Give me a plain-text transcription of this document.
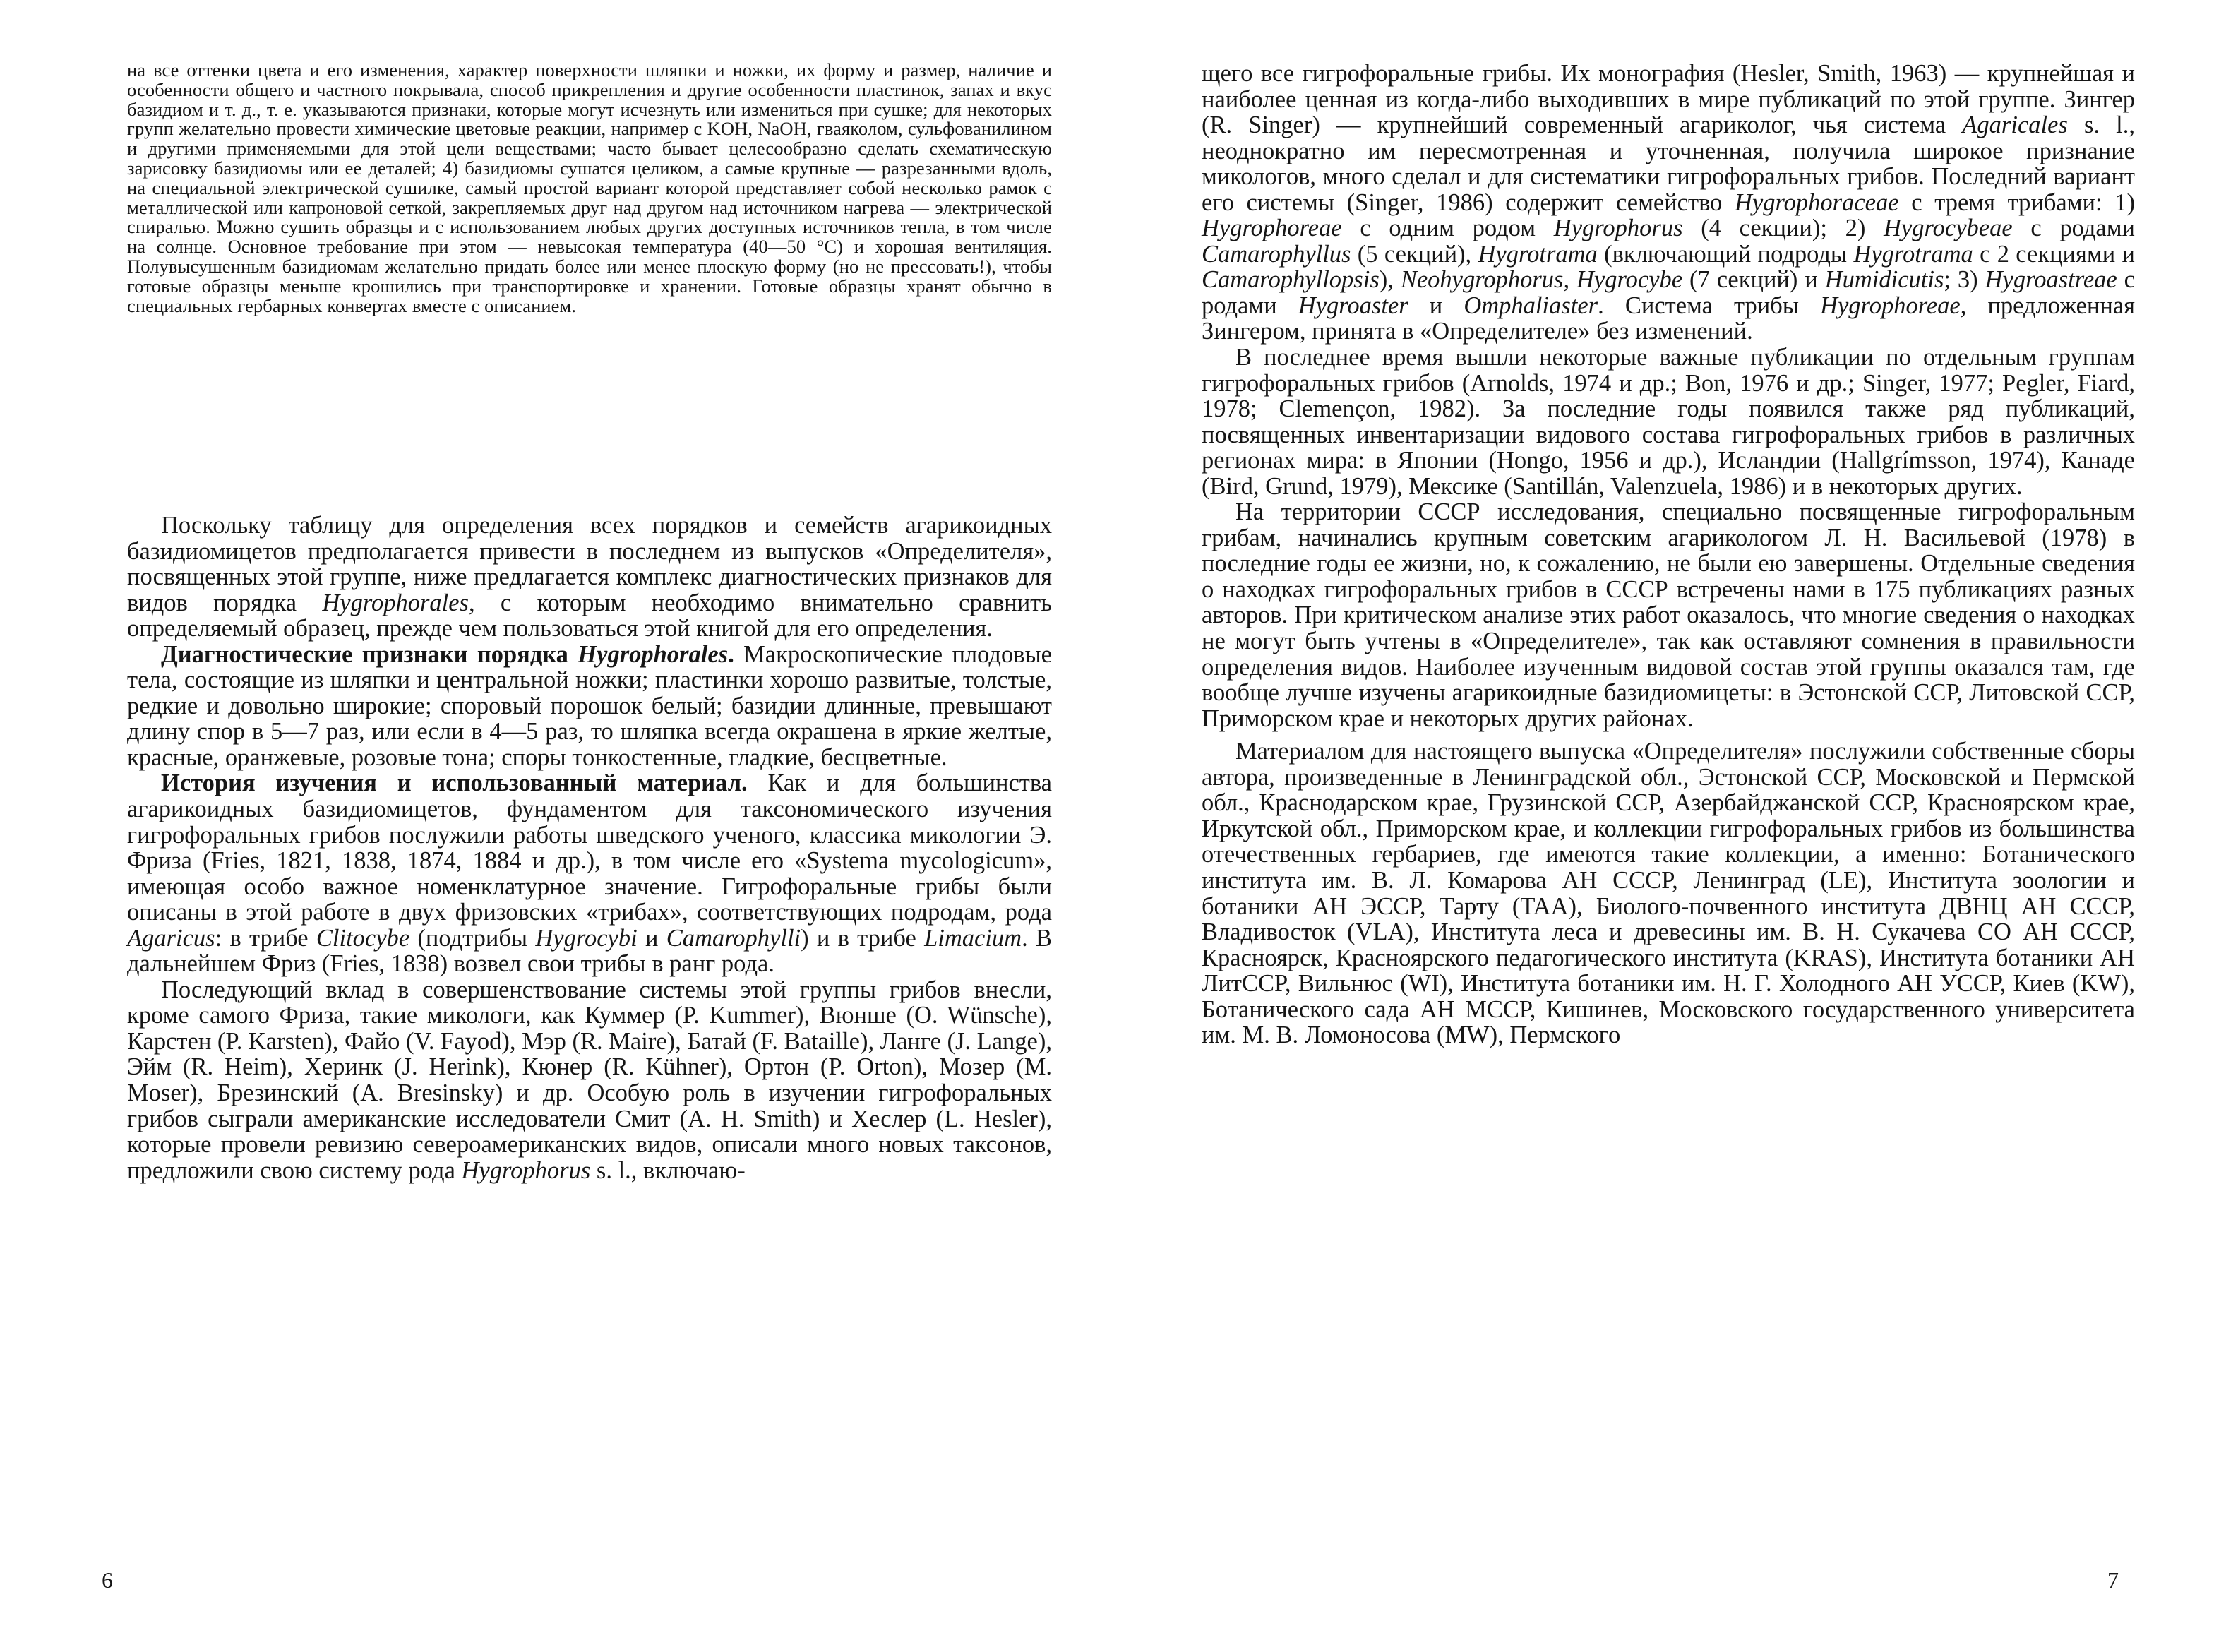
на все оттенки цвета и его изменения, характер поверхности шляпки и ножки, их форму и размер, наличие и особенности общего и частного покрывала, способ прикрепления и другие особенности пластинок, запах и вкус базидиом и т. д., т. е. указываются признаки, которые могут исчезнуть или измениться при сушке; для некоторых групп желательно провести химические цветовые реакции, например с KOH, NaOH, гваяколом, сульфованилином и другими применяемыми для этой цели веществами; часто бывает целесообразно сделать схематическую зарисовку базидиомы или ее деталей; 4) базидиомы сушатся целиком, а самые крупные — разрезанными вдоль, на специальной электрической сушилке, самый простой вариант которой представляет собой несколько рамок с металлической или капроновой сеткой, закрепляемых друг над другом над источником нагрева — электрической спиралью. Можно сушить образцы и с использованием любых других доступных источников тепла, в том числе на солнце. Основное требование при этом — невысокая температура (40—50 °C) и хорошая вентиляция. Полувысушенным базидиомам желательно придать более или менее плоскую форму (но не прессовать!), чтобы готовые образцы меньше крошились при транспортировке и хранении. Готовые образцы хранят обычно в специальных гербарных конвертах вместе с описанием.

Поскольку таблицу для определения всех порядков и семейств агарикоидных базидиомицетов предполагается привести в последнем из выпусков «Определителя», посвященных этой группе, ниже предлагается комплекс диагностических признаков для видов порядка Hygrophorales, с которым необходимо внимательно сравнить определяемый образец, прежде чем пользоваться этой книгой для его определения.

Диагностические признаки порядка Hygrophorales. Макроскопические плодовые тела, состоящие из шляпки и центральной ножки; пластинки хорошо развитые, толстые, редкие и довольно широкие; споровый порошок белый; базидии длинные, превышают длину спор в 5—7 раз, или если в 4—5 раз, то шляпка всегда окрашена в яркие желтые, красные, оранжевые, розовые тона; споры тонкостенные, гладкие, бесцветные.

История изучения и использованный материал. Как и для большинства агарикоидных базидиомицетов, фундаментом для таксономического изучения гигрофоральных грибов послужили работы шведского ученого, классика микологии Э. Фриза (Fries, 1821, 1838, 1874, 1884 и др.), в том числе его «Systema mycologicum», имеющая особо важное номенклатурное значение. Гигрофоральные грибы были описаны в этой работе в двух фризовских «трибах», соответствующих подродам, рода Agaricus: в трибе Clitocybe (подтрибы Hygrocybi и Camarophylli) и в трибе Limacium. В дальнейшем Фриз (Fries, 1838) возвел свои трибы в ранг рода.

Последующий вклад в совершенствование системы этой группы грибов внесли, кроме самого Фриза, такие микологи, как Куммер (P. Kummer), Вюнше (O. Wünsche), Карстен (P. Karsten), Файо (V. Fayod), Мэр (R. Maire), Батай (F. Bataille), Ланге (J. Lange), Эйм (R. Heim), Херинк (J. Herink), Кюнер (R. Kühner), Ортон (P. Orton), Мозер (M. Moser), Брезинский (A. Bresinsky) и др. Особую роль в изучении гигрофоральных грибов сыграли американские исследователи Смит (A. H. Smith) и Хеслер (L. Hesler), которые провели ревизию североамериканских видов, описали много новых таксонов, предложили свою систему рода Hygrophorus s. l., включаю-

6

щего все гигрофоральные грибы. Их монография (Hesler, Smith, 1963) — крупнейшая и наиболее ценная из когда-либо выходивших в мире публикаций по этой группе. Зингер (R. Singer) — крупнейший современный агариколог, чья система Agaricales s. l., неоднократно им пересмотренная и уточненная, получила широкое признание микологов, много сделал и для систематики гигрофоральных грибов. Последний вариант его системы (Singer, 1986) содержит семейство Hygrophoraceae с тремя трибами: 1) Hygrophoreae с одним родом Hygrophorus (4 секции); 2) Hygrocybeae с родами Camarophyllus (5 секций), Hygrotrama (включающий подроды Hygrotrama с 2 секциями и Camarophyllopsis), Neohygrophorus, Hygrocybe (7 секций) и Humidicutis; 3) Hygroastreae с родами Hygroaster и Omphaliaster. Система трибы Hygrophoreae, предложенная Зингером, принята в «Определителе» без изменений.

В последнее время вышли некоторые важные публикации по отдельным группам гигрофоральных грибов (Arnolds, 1974 и др.; Bon, 1976 и др.; Singer, 1977; Pegler, Fiard, 1978; Clemençon, 1982). За последние годы появился также ряд публикаций, посвященных инвентаризации видового состава гигрофоральных грибов в различных регионах мира: в Японии (Hongo, 1956 и др.), Исландии (Hallgrímsson, 1974), Канаде (Bird, Grund, 1979), Мексике (Santillán, Valenzuela, 1986) и в некоторых других.

На территории СССР исследования, специально посвященные гигрофоральным грибам, начинались крупным советским агарикологом Л. Н. Васильевой (1978) в последние годы ее жизни, но, к сожалению, не были ею завершены. Отдельные сведения о находках гигрофоральных грибов в СССР встречены нами в 175 публикациях разных авторов. При критическом анализе этих работ оказалось, что многие сведения о находках не могут быть учтены в «Определителе», так как оставляют сомнения в правильности определения видов. Наиболее изученным видовой состав этой группы оказался там, где вообще лучше изучены агарикоидные базидиомицеты: в Эстонской ССР, Литовской ССР, Приморском крае и некоторых других районах.

Материалом для настоящего выпуска «Определителя» послужили собственные сборы автора, произведенные в Ленинградской обл., Эстонской ССР, Московской и Пермской обл., Краснодарском крае, Грузинской ССР, Азербайджанской ССР, Красноярском крае, Иркутской обл., Приморском крае, и коллекции гигрофоральных грибов из большинства отечественных гербариев, где имеются такие коллекции, а именно: Ботанического института им. В. Л. Комарова АН СССР, Ленинград (LE), Института зоологии и ботаники АН ЭССР, Тарту (TAA), Биолого-почвенного института ДВНЦ АН СССР, Владивосток (VLA), Института леса и древесины им. В. Н. Сукачева СО АН СССР, Красноярск, Красноярского педагогического института (KRAS), Института ботаники АН ЛитССР, Вильнюс (WI), Института ботаники им. Н. Г. Холодного АН УССР, Киев (KW), Ботанического сада АН МССР, Кишинев, Московского государственного университета им. М. В. Ломоносова (MW), Пермского

7
